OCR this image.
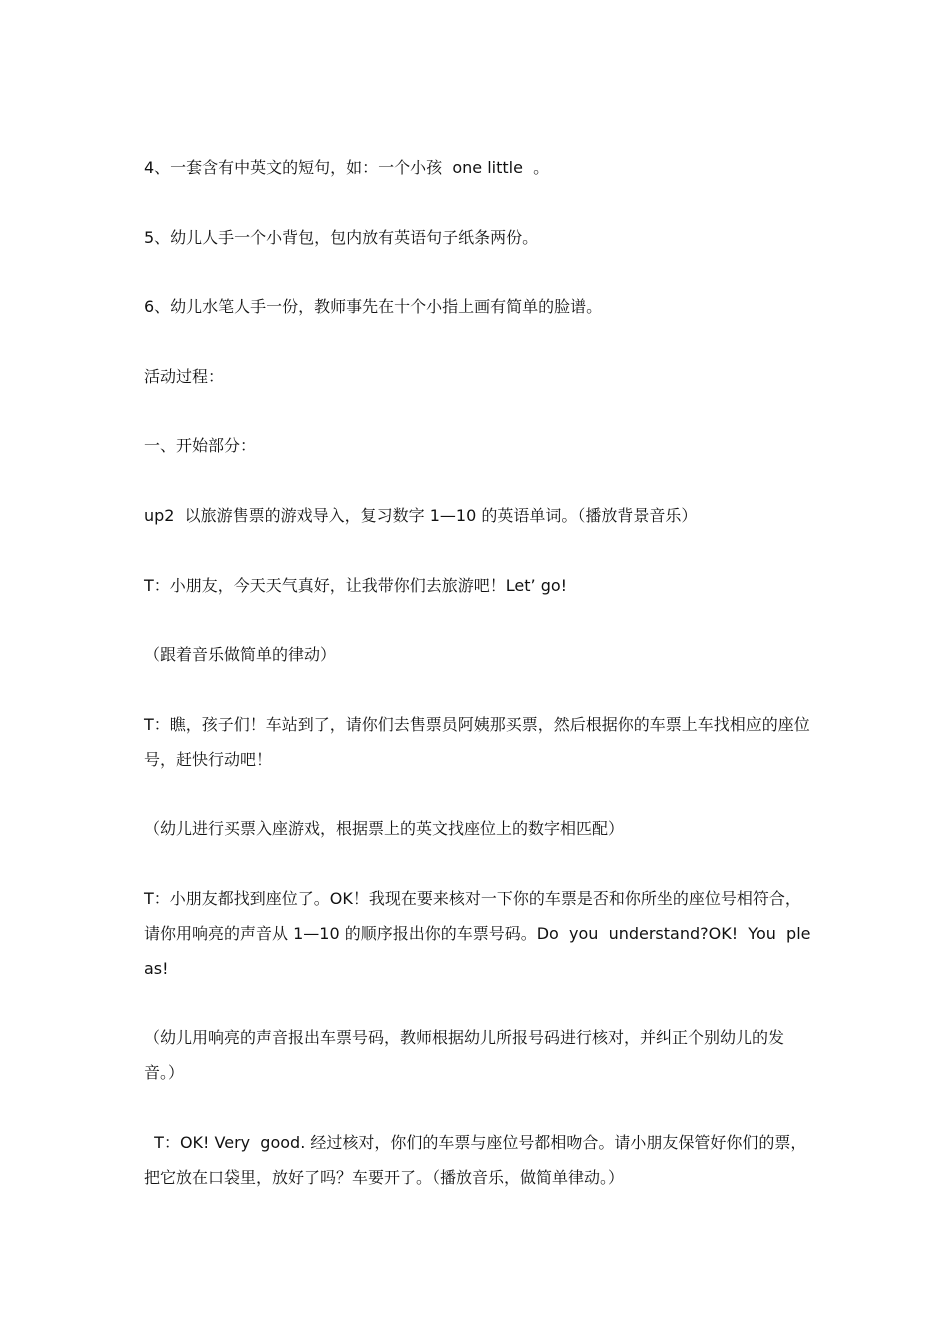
4、一套含有中英文的短句，如：一个小孩  one little  。

5、幼儿人手一个小背包，包内放有英语句子纸条两份。

6、幼儿水笔人手一份，教师事先在十个小指上画有简单的脸谱。

活动过程：

一、开始部分：

up2  以旅游售票的游戏导入，复习数字 1—10 的英语单词。（播放背景音乐）

T：小朋友，今天天气真好，让我带你们去旅游吧！Let’ go!

（跟着音乐做简单的律动）

T：瞧，孩子们！车站到了，请你们去售票员阿姨那买票，然后根据你的车票上车找相应的座位号，赶快行动吧！

（幼儿进行买票入座游戏，根据票上的英文找座位上的数字相匹配）

T：小朋友都找到座位了。OK！我现在要来核对一下你的车票是否和你所坐的座位号相符合，请你用响亮的声音从 1—10 的顺序报出你的车票号码。Do  you  understand?OK!  You  pleas!

（幼儿用响亮的声音报出车票号码，教师根据幼儿所报号码进行核对，并纠正个别幼儿的发音。）

T：OK! Very  good. 经过核对，你们的车票与座位号都相吻合。请小朋友保管好你们的票，把它放在口袋里，放好了吗？车要开了。（播放音乐，做简单律动。）
